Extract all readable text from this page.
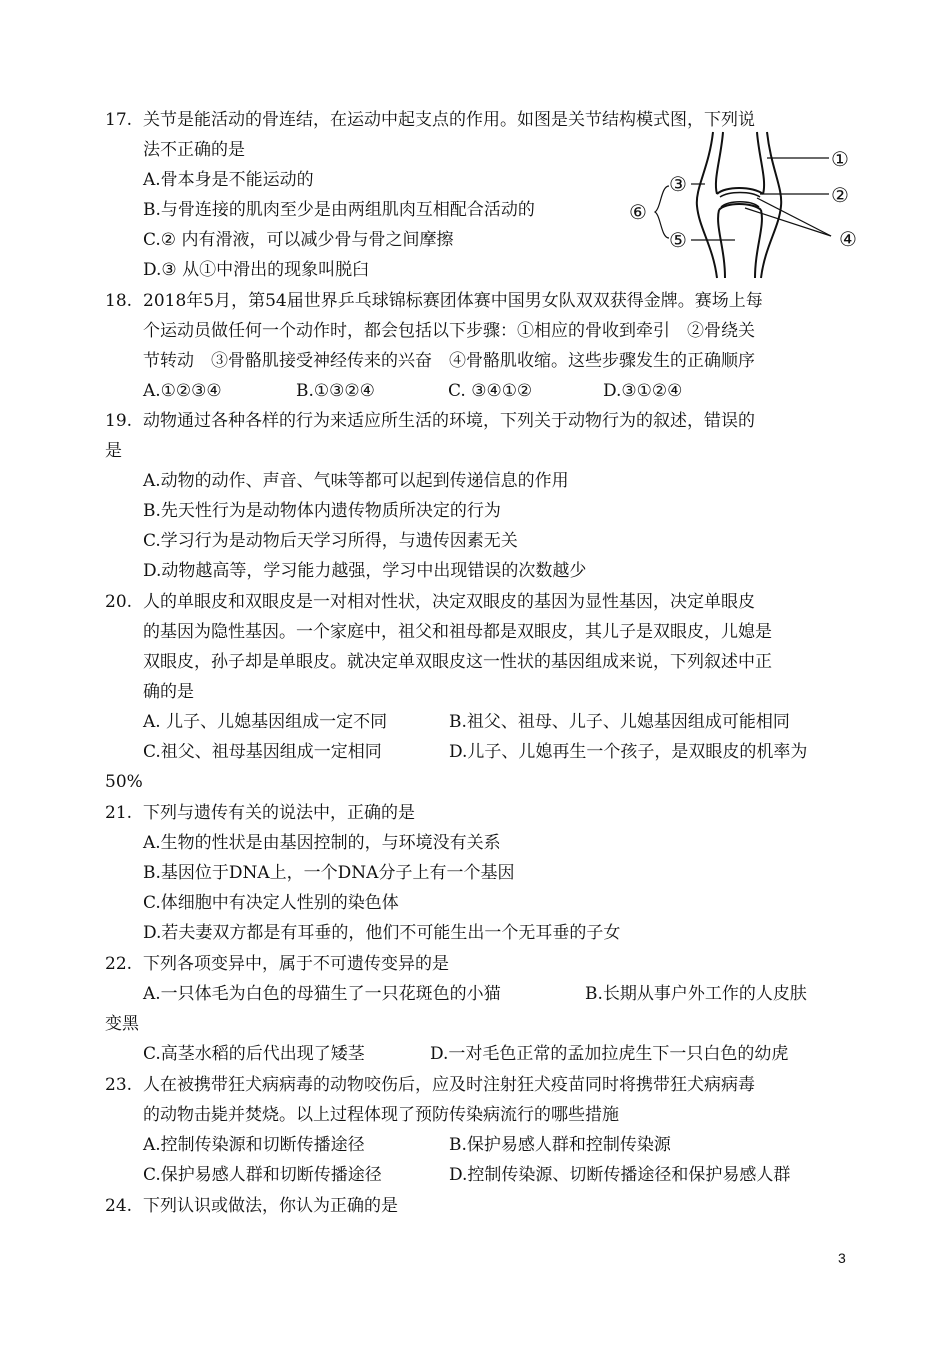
17. 关节是能活动的骨连结，在运动中起支点的作用。如图是关节结构模式图，下列说
法不正确的是
A.骨本身是不能运动的
B.与骨连接的肌肉至少是由两组肌肉互相配合活动的
C.② 内有滑液，可以减少骨与骨之间摩擦
D.③ 从①中滑出的现象叫脱臼
①
②
③
④
⑤
⑥
18. 2018年5月，第54届世界乒乓球锦标赛团体赛中国男女队双双获得金牌。赛场上每
个运动员做任何一个动作时，都会包括以下步骤：①相应的骨收到牵引　②骨绕关
节转动　③骨骼肌接受神经传来的兴奋　④骨骼肌收缩。这些步骤发生的正确顺序
A.①②③④	B.①③②④	C. ③④①②	D.③①②④
19. 动物通过各种各样的行为来适应所生活的环境，下列关于动物行为的叙述，错误的
是
A.动物的动作、声音、气味等都可以起到传递信息的作用
B.先天性行为是动物体内遗传物质所决定的行为
C.学习行为是动物后天学习所得，与遗传因素无关
D.动物越高等，学习能力越强，学习中出现错误的次数越少
20. 人的单眼皮和双眼皮是一对相对性状，决定双眼皮的基因为显性基因，决定单眼皮
的基因为隐性基因。一个家庭中，祖父和祖母都是双眼皮，其儿子是双眼皮，儿媳是
双眼皮，孙子却是单眼皮。就决定单双眼皮这一性状的基因组成来说，下列叙述中正
确的是
A. 儿子、儿媳基因组成一定不同	B.祖父、祖母、儿子、儿媳基因组成可能相同
C.祖父、祖母基因组成一定相同	D.儿子、儿媳再生一个孩子，是双眼皮的机率为
50%
21. 下列与遗传有关的说法中，正确的是
A.生物的性状是由基因控制的，与环境没有关系
B.基因位于DNA上，一个DNA分子上有一个基因
C.体细胞中有决定人性别的染色体
D.若夫妻双方都是有耳垂的，他们不可能生出一个无耳垂的子女
22. 下列各项变异中，属于不可遗传变异的是
A.一只体毛为白色的母猫生了一只花斑色的小猫	B.长期从事户外工作的人皮肤
变黑
C.高茎水稻的后代出现了矮茎	D.一对毛色正常的孟加拉虎生下一只白色的幼虎
23. 人在被携带狂犬病病毒的动物咬伤后，应及时注射狂犬疫苗同时将携带狂犬病病毒
的动物击毙并焚烧。以上过程体现了预防传染病流行的哪些措施
A.控制传染源和切断传播途径	B.保护易感人群和控制传染源
C.保护易感人群和切断传播途径	D.控制传染源、切断传播途径和保护易感人群
24. 下列认识或做法，你认为正确的是
3
